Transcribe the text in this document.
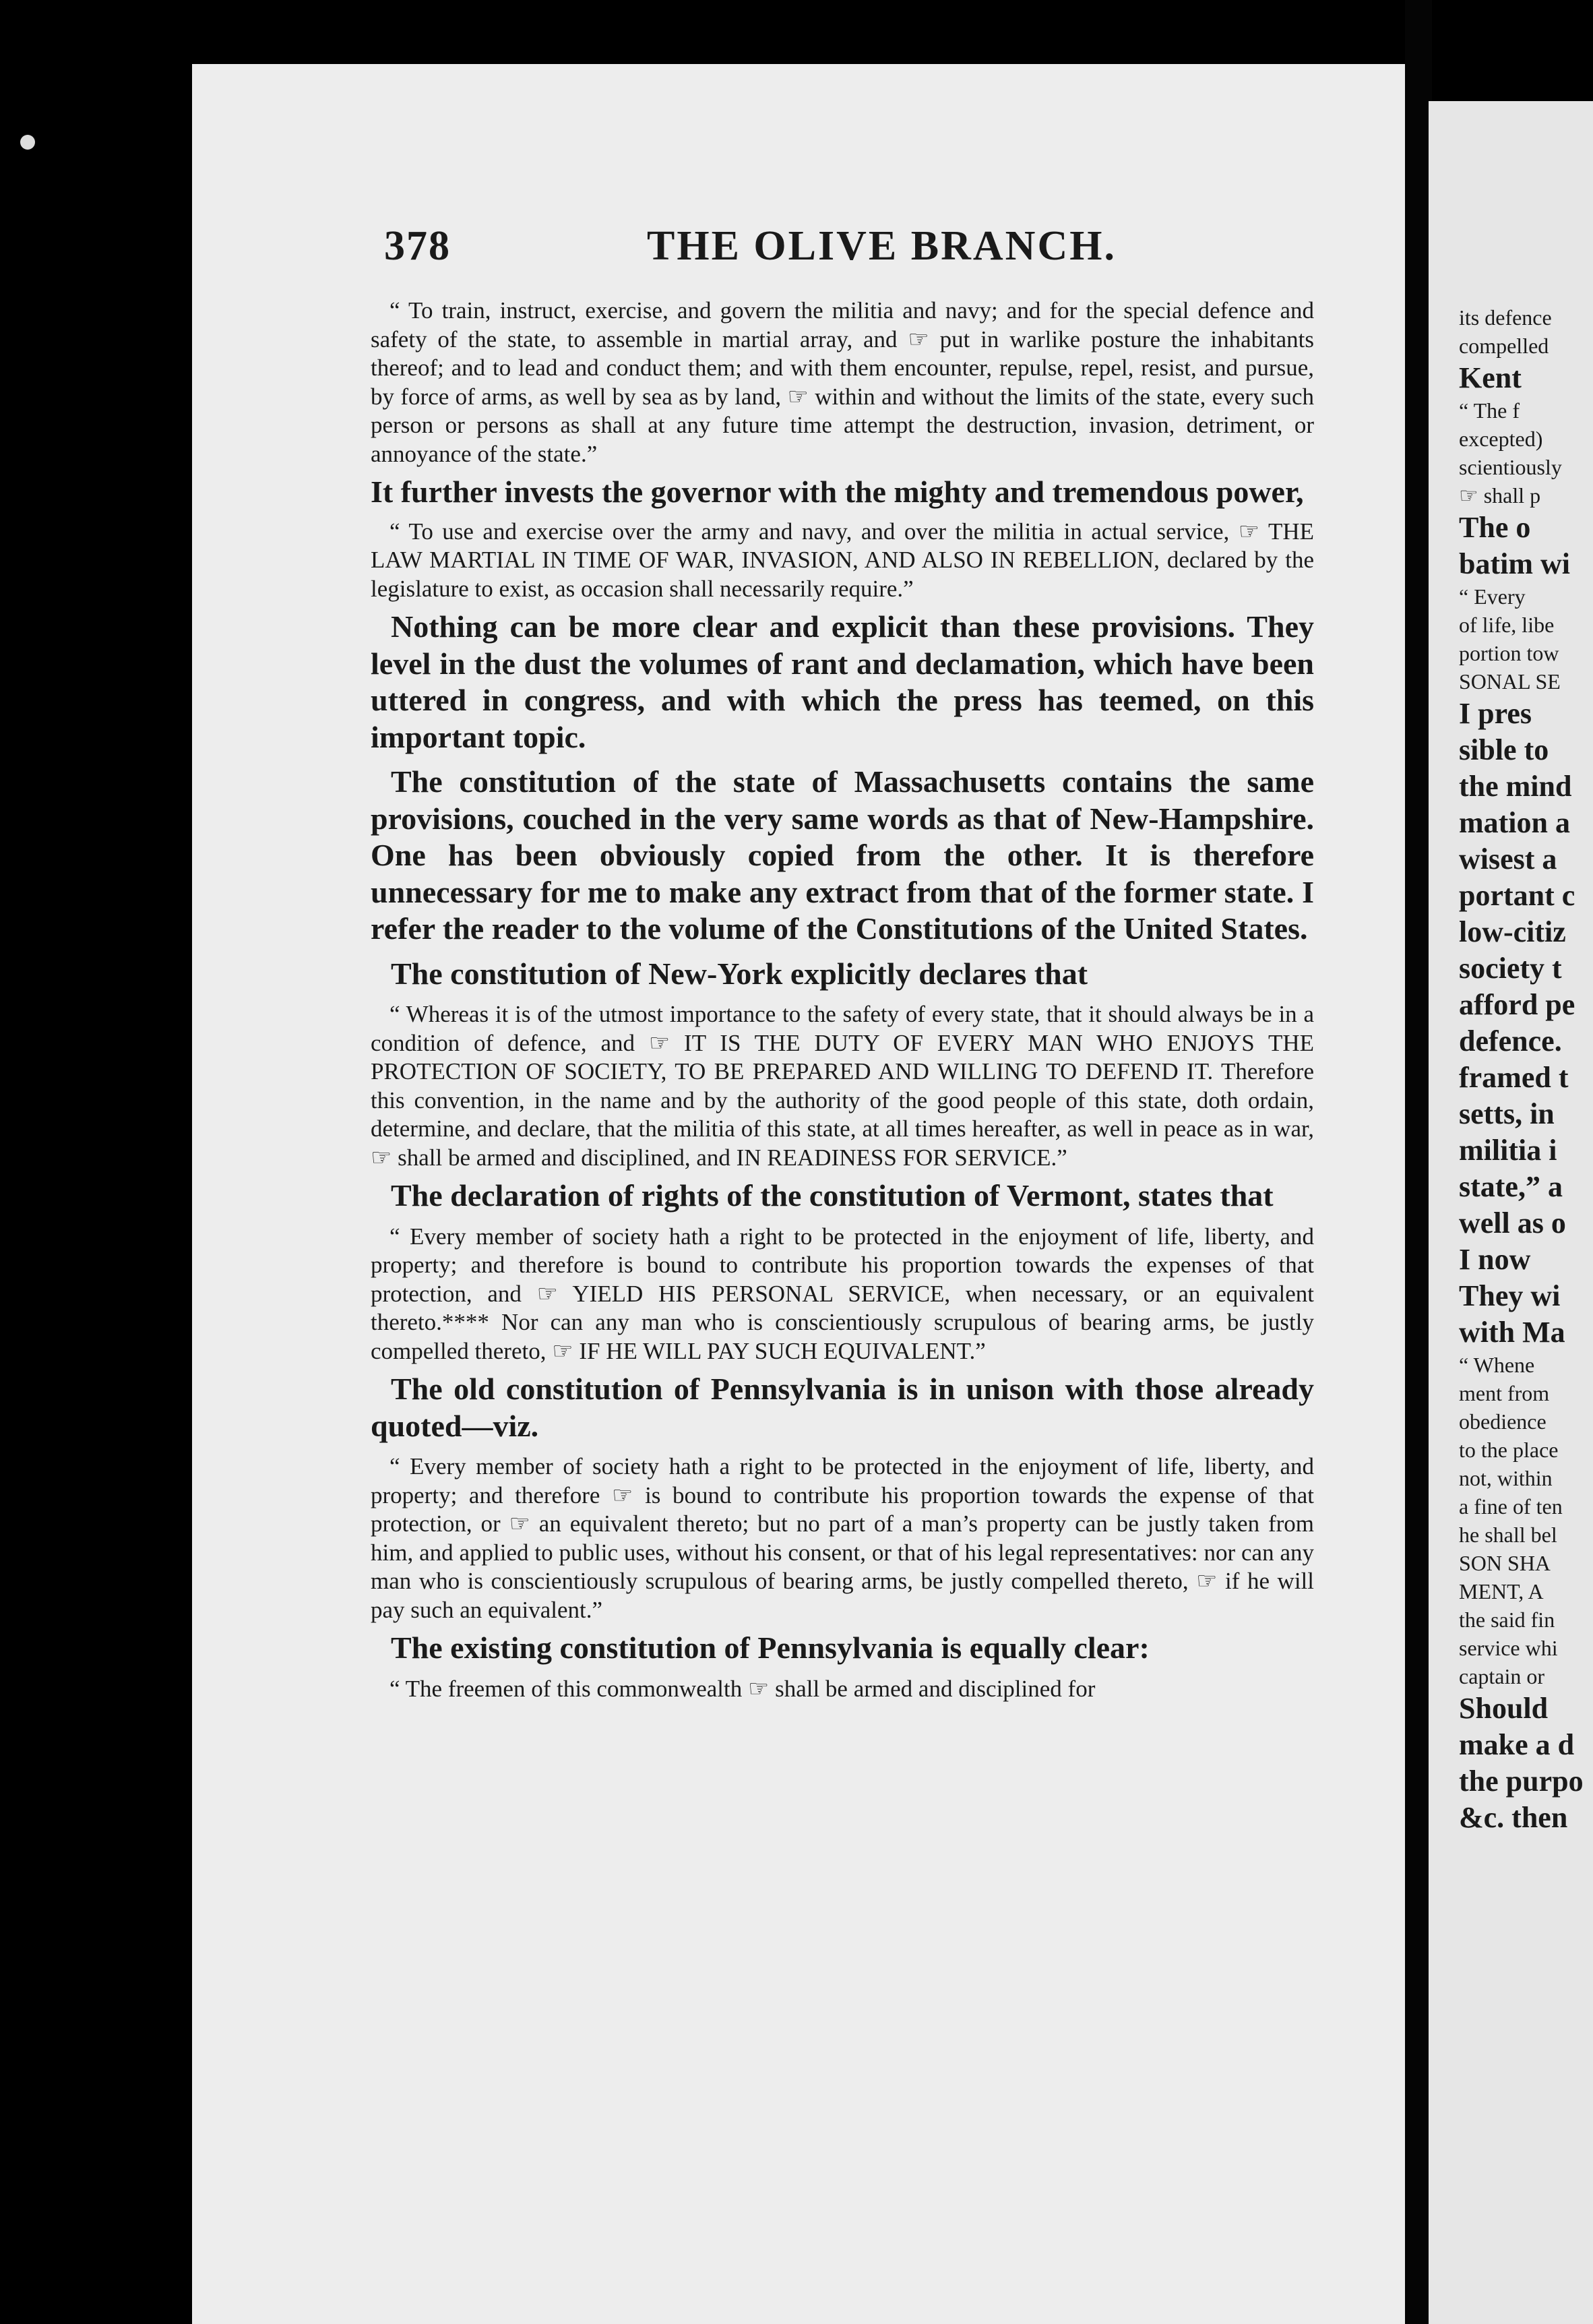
its defence
compelled
Kent
“ The f
excepted)
scientiously
☞ shall p
The o
batim wi
“ Every
of life, libe
portion tow
SONAL SE
I pres
sible to
the mind
mation a
wisest a
portant c
low-citiz
society t
afford pe
defence.
framed t
setts, in
militia i
state,” a
well as o
I now
They wi
with Ma
“ Whene
ment from
obedience
to the place
not, within
a fine of ten
he shall bel
SON SHA
MENT, A
the said fin
service whi
captain or
Should
make a d
the purpo
&c. then
378	THE OLIVE BRANCH.

“ To train, instruct, exercise, and govern the militia and navy; and for the special defence and safety of the state, to assemble in martial array, and ☞ put in warlike posture the inhabitants thereof; and to lead and conduct them; and with them encounter, repulse, repel, resist, and pursue, by force of arms, as well by sea as by land, ☞ within and without the limits of the state, every such person or persons as shall at any future time attempt the destruction, invasion, detriment, or annoyance of the state.”

It further invests the governor with the mighty and tremendous power,

“ To use and exercise over the army and navy, and over the militia in actual service, ☞ THE LAW MARTIAL IN TIME OF WAR, INVASION, AND ALSO IN REBELLION, declared by the legislature to exist, as occasion shall necessarily require.”

Nothing can be more clear and explicit than these provisions. They level in the dust the volumes of rant and declamation, which have been uttered in congress, and with which the press has teemed, on this important topic.

The constitution of the state of Massachusetts contains the same provisions, couched in the very same words as that of New-Hampshire. One has been obviously copied from the other. It is therefore unnecessary for me to make any extract from that of the former state. I refer the reader to the volume of the Constitutions of the United States.

The constitution of New-York explicitly declares that

“ Whereas it is of the utmost importance to the safety of every state, that it should always be in a condition of defence, and ☞ IT IS THE DUTY OF EVERY MAN WHO ENJOYS THE PROTECTION OF SOCIETY, TO BE PREPARED AND WILLING TO DEFEND IT. Therefore this convention, in the name and by the authority of the good people of this state, doth ordain, determine, and declare, that the militia of this state, at all times hereafter, as well in peace as in war, ☞ shall be armed and disciplined, and IN READINESS FOR SERVICE.”

The declaration of rights of the constitution of Vermont, states that

“ Every member of society hath a right to be protected in the enjoyment of life, liberty, and property; and therefore is bound to contribute his proportion towards the expenses of that protection, and ☞ YIELD HIS PERSONAL SERVICE, when necessary, or an equivalent thereto.**** Nor can any man who is conscientiously scrupulous of bearing arms, be justly compelled thereto, ☞ IF HE WILL PAY SUCH EQUIVALENT.”

The old constitution of Pennsylvania is in unison with those already quoted—viz.

“ Every member of society hath a right to be protected in the enjoyment of life, liberty, and property; and therefore ☞ is bound to contribute his proportion towards the expense of that protection, or ☞ an equivalent thereto; but no part of a man’s property can be justly taken from him, and applied to public uses, without his consent, or that of his legal representatives: nor can any man who is conscientiously scrupulous of bearing arms, be justly compelled thereto, ☞ if he will pay such an equivalent.”

The existing constitution of Pennsylvania is equally clear:

“ The freemen of this commonwealth ☞ shall be armed and disciplined for
